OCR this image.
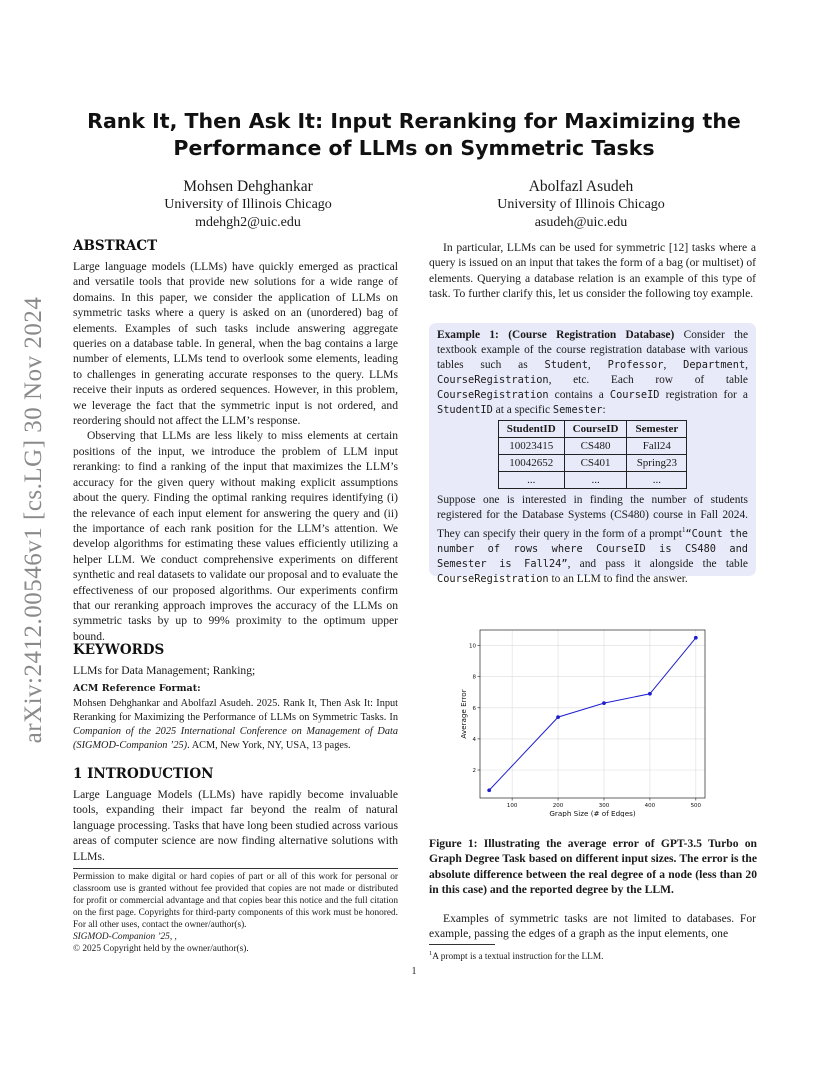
arXiv:2412.00546v1 [cs.LG] 30 Nov 2024
Rank It, Then Ask It: Input Reranking for Maximizing the Performance of LLMs on Symmetric Tasks
Mohsen Dehghankar
University of Illinois Chicago
mdehgh2@uic.edu
Abolfazl Asudeh
University of Illinois Chicago
asudeh@uic.edu
ABSTRACT

Large language models (LLMs) have quickly emerged as practical and versatile tools that provide new solutions for a wide range of domains. In this paper, we consider the application of LLMs on symmetric tasks where a query is asked on an (unordered) bag of elements. Examples of such tasks include answering aggregate queries on a database table. In general, when the bag contains a large number of elements, LLMs tend to overlook some elements, leading to challenges in generating accurate responses to the query. LLMs receive their inputs as ordered sequences. However, in this problem, we leverage the fact that the symmetric input is not ordered, and reordering should not affect the LLM’s response.

Observing that LLMs are less likely to miss elements at certain positions of the input, we introduce the problem of LLM input reranking: to find a ranking of the input that maximizes the LLM’s accuracy for the given query without making explicit assumptions about the query. Finding the optimal ranking requires identifying (i) the relevance of each input element for answering the query and (ii) the importance of each rank position for the LLM’s attention. We develop algorithms for estimating these values efficiently utilizing a helper LLM. We conduct comprehensive experiments on different synthetic and real datasets to validate our proposal and to evaluate the effectiveness of our proposed algorithms. Our experiments confirm that our reranking approach improves the accuracy of the LLMs on symmetric tasks by up to 99% proximity to the optimum upper bound.

KEYWORDS
LLMs for Data Management; Ranking;
ACM Reference Format:
Mohsen Dehghankar and Abolfazl Asudeh. 2025. Rank It, Then Ask It: Input Reranking for Maximizing the Performance of LLMs on Symmetric Tasks. In Companion of the 2025 International Conference on Management of Data (SIGMOD-Companion ’25). ACM, New York, NY, USA, 13 pages.
1 INTRODUCTION
Large Language Models (LLMs) have rapidly become invaluable tools, expanding their impact far beyond the realm of natural language processing. Tasks that have long been studied across various areas of computer science are now finding alternative solutions with LLMs.
Permission to make digital or hard copies of part or all of this work for personal or classroom use is granted without fee provided that copies are not made or distributed for profit or commercial advantage and that copies bear this notice and the full citation on the first page. Copyrights for third-party components of this work must be honored. For all other uses, contact the owner/author(s).
SIGMOD-Companion ’25, ,
© 2025 Copyright held by the owner/author(s).
In particular, LLMs can be used for symmetric [12] tasks where a query is issued on an input that takes the form of a bag (or multiset) of elements. Querying a database relation is an example of this type of task. To further clarify this, let us consider the following toy example.
Example 1: (Course Registration Database) Consider the textbook example of the course registration database with various tables such as Student, Professor, Department, CourseRegistration, etc. Each row of table CourseRegistration contains a CourseID registration for a StudentID at a specific Semester:
StudentID	CourseID	Semester
10023415	CS480	Fall24
10042652	CS401	Spring23
...	...	...
Suppose one is interested in finding the number of students registered for the Database Systems (CS480) course in Fall 2024. They can specify their query in the form of a prompt$^1$“Count the number of rows where CourseID is CS480 and Semester is Fall24”, and pass it alongside the table CourseRegistration to an LLM to find the answer.
100	200	300	400	500
2
4
6
8
10
Graph Size (# of Edges)
Average Error
Figure 1: Illustrating the average error of GPT-3.5 Turbo on Graph Degree Task based on different input sizes. The error is the absolute difference between the real degree of a node (less than 20 in this case) and the reported degree by the LLM.
Examples of symmetric tasks are not limited to databases. For example, passing the edges of a graph as the input elements, one
$^1$A prompt is a textual instruction for the LLM.
1
